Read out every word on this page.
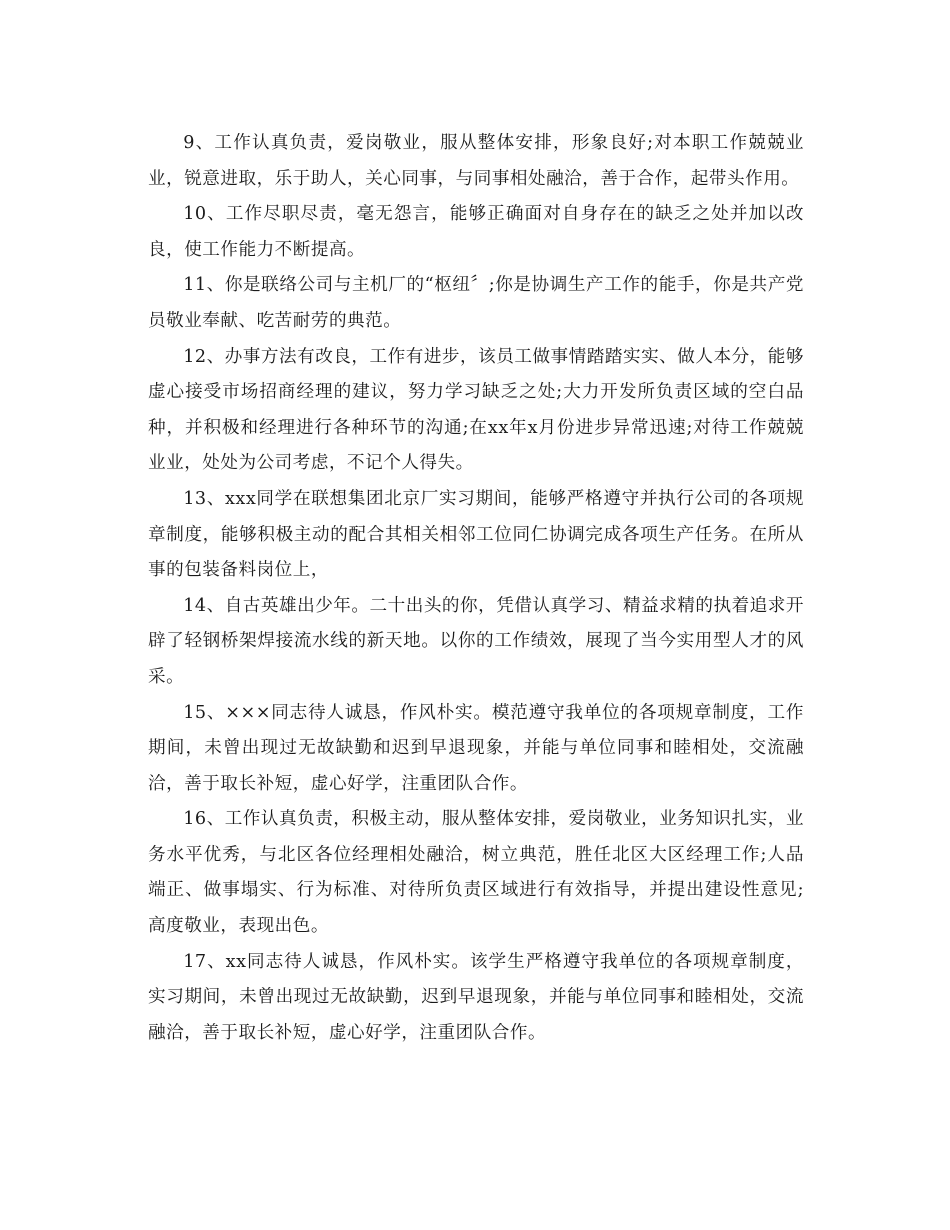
9、工作认真负责，爱岗敬业，服从整体安排，形象良好;对本职工作兢兢业业，锐意进取，乐于助人，关心同事，与同事相处融洽，善于合作，起带头作用。

10、工作尽职尽责，毫无怨言，能够正确面对自身存在的缺乏之处并加以改良，使工作能力不断提高。

11、你是联络公司与主机厂的“枢纽〞;你是协调生产工作的能手，你是共产党员敬业奉献、吃苦耐劳的典范。

12、办事方法有改良，工作有进步，该员工做事情踏踏实实、做人本分，能够虚心接受市场招商经理的建议，努力学习缺乏之处;大力开发所负责区域的空白品种，并积极和经理进行各种环节的沟通;在xx年x月份进步异常迅速;对待工作兢兢业业，处处为公司考虑，不记个人得失。

13、xxx同学在联想集团北京厂实习期间，能够严格遵守并执行公司的各项规章制度，能够积极主动的配合其相关相邻工位同仁协调完成各项生产任务。在所从事的包装备料岗位上，

14、自古英雄出少年。二十出头的你，凭借认真学习、精益求精的执着追求开辟了轻钢桥架焊接流水线的新天地。以你的工作绩效，展现了当今实用型人才的风采。

15、×××同志待人诚恳，作风朴实。模范遵守我单位的各项规章制度，工作期间，未曾出现过无故缺勤和迟到早退现象，并能与单位同事和睦相处，交流融洽，善于取长补短，虚心好学，注重团队合作。

16、工作认真负责，积极主动，服从整体安排，爱岗敬业，业务知识扎实，业务水平优秀，与北区各位经理相处融洽，树立典范，胜任北区大区经理工作;人品端正、做事塌实、行为标准、对待所负责区域进行有效指导，并提出建设性意见;高度敬业，表现出色。

17、xx同志待人诚恳，作风朴实。该学生严格遵守我单位的各项规章制度，实习期间，未曾出现过无故缺勤，迟到早退现象，并能与单位同事和睦相处，交流融洽，善于取长补短，虚心好学，注重团队合作。
